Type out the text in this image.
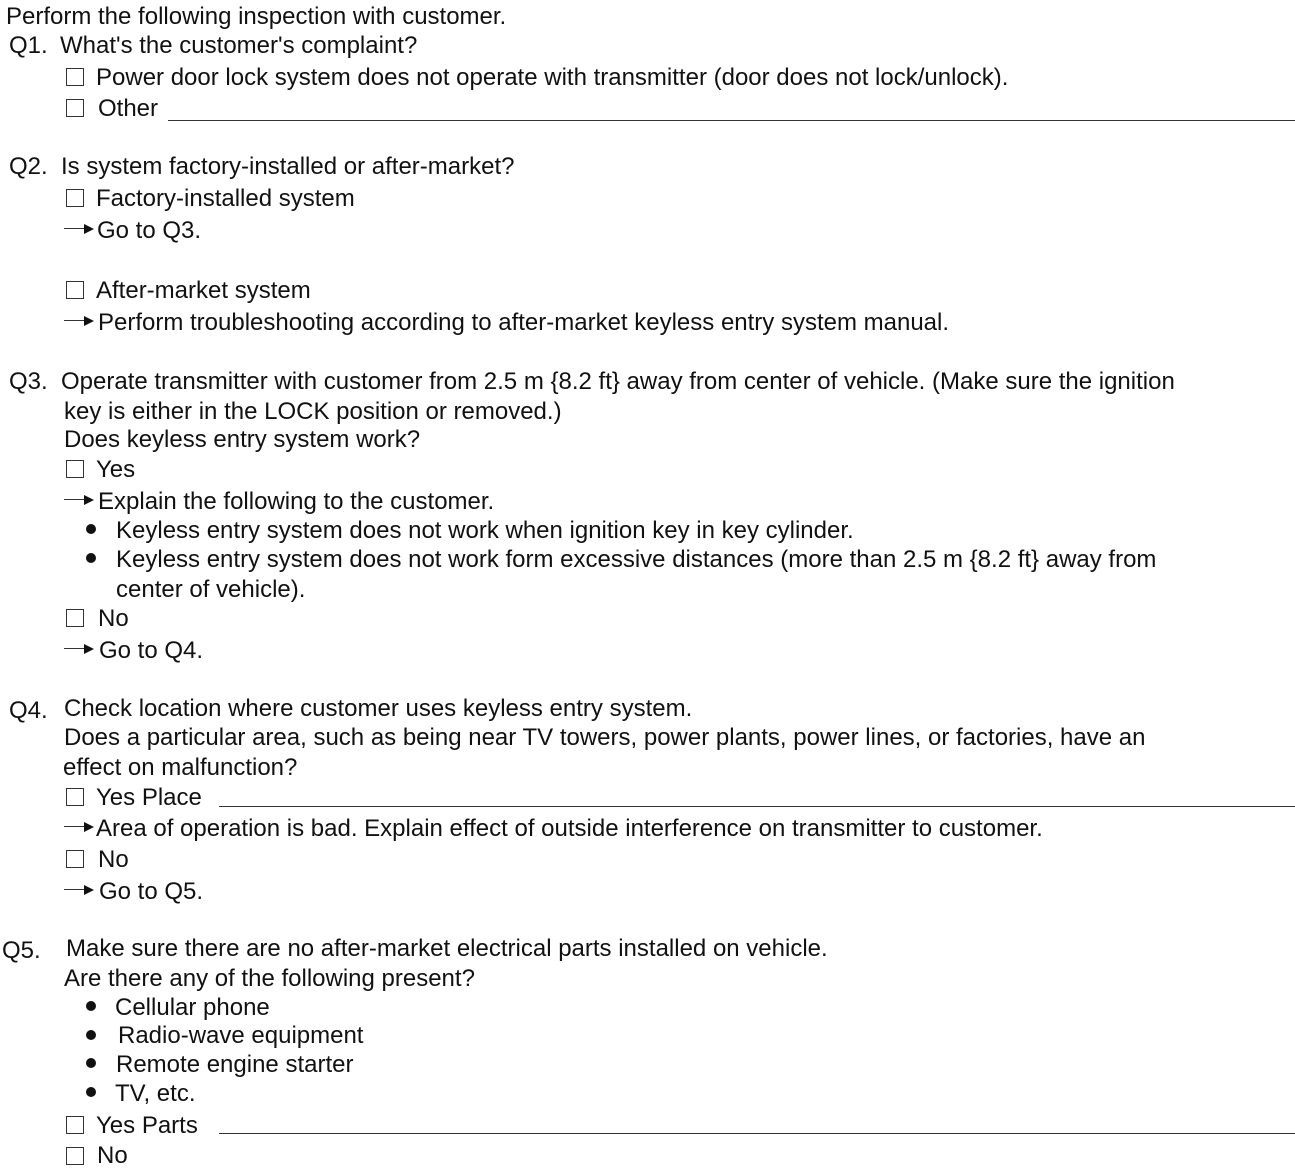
Perform the following inspection with customer.
Q1. What's the customer's complaint?
Power door lock system does not operate with transmitter (door does not lock/unlock).
Other
Q2. Is system factory-installed or after-market?
Factory-installed system
Go to Q3.
After-market system
Perform troubleshooting according to after-market keyless entry system manual.
Q3. Operate transmitter with customer from 2.5 m {8.2 ft} away from center of vehicle. (Make sure the ignition
key is either in the LOCK position or removed.)
Does keyless entry system work?
Yes
Explain the following to the customer.
Keyless entry system does not work when ignition key in key cylinder.
Keyless entry system does not work form excessive distances (more than 2.5 m {8.2 ft} away from
center of vehicle).
No
Go to Q4.
Q4. Check location where customer uses keyless entry system.
Does a particular area, such as being near TV towers, power plants, power lines, or factories, have an
effect on malfunction?
Yes Place
Area of operation is bad. Explain effect of outside interference on transmitter to customer.
No
Go to Q5.
Q5. Make sure there are no after-market electrical parts installed on vehicle.
Are there any of the following present?
Cellular phone
Radio-wave equipment
Remote engine starter
TV, etc.
Yes Parts
No
